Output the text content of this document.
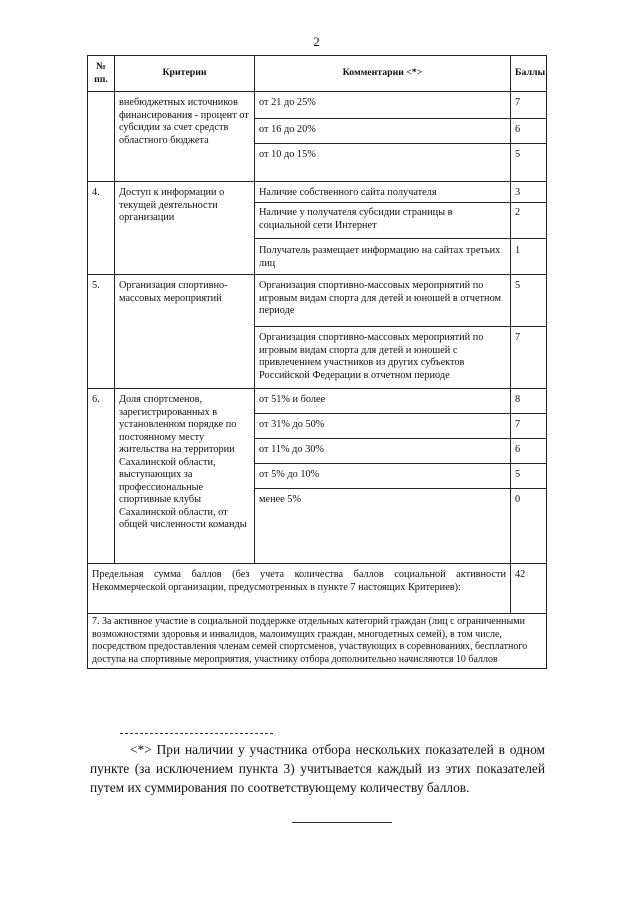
2
№ пп.	Критерии	Комментарии <*>	Баллы
	внебюджетных источников финансирования - процент от субсидии за счет средств областного бюджета	от 21 до 25%	7
		от 16 до 20%	6
		от 10 до 15%	5
4.	Доступ к информации о текущей деятельности организации	Наличие собственного сайта получателя	3
		Наличие у получателя субсидии страницы в социальной сети Интернет	2
		Получатель размещает информацию на сайтах третьих лиц	1
5.	Организация спортивно-массовых мероприятий	Организация спортивно-массовых мероприятий по игровым видам спорта для детей и юношей в отчетном периоде	5
		Организация спортивно-массовых мероприятий по игровым видам спорта для детей и юношей с привлечением участников из других субъектов Российской Федерации в отчетном периоде	7
6.	Доля спортсменов, зарегистрированных в установленном порядке по постоянному месту жительства на территории Сахалинской области, выступающих за профессиональные спортивные клубы Сахалинской области, от общей численности команды	от 51% и более	8
		от 31% до 50%	7
		от 11% до 30%	6
		от 5% до 10%	5
		менее 5%	0
Предельная сумма баллов (без учета количества баллов социальной активности Некоммерческой организации, предусмотренных в пункте 7 настоящих Критериев):			42
7. За активное участие в социальной поддержке отдельных категорий граждан (лиц с ограниченными возможностями здоровья и инвалидов, малоимущих граждан, многодетных семей), в том числе, посредством предоставления членам семей спортсменов, участвующих в соревнованиях, бесплатного доступа на спортивные мероприятия, участнику отбора дополнительно начисляются 10 баллов			
<*> При наличии у участника отбора нескольких показателей в одном пункте (за исключением пункта 3) учитывается каждый из этих показателей путем их суммирования по соответствующему количеству баллов.
